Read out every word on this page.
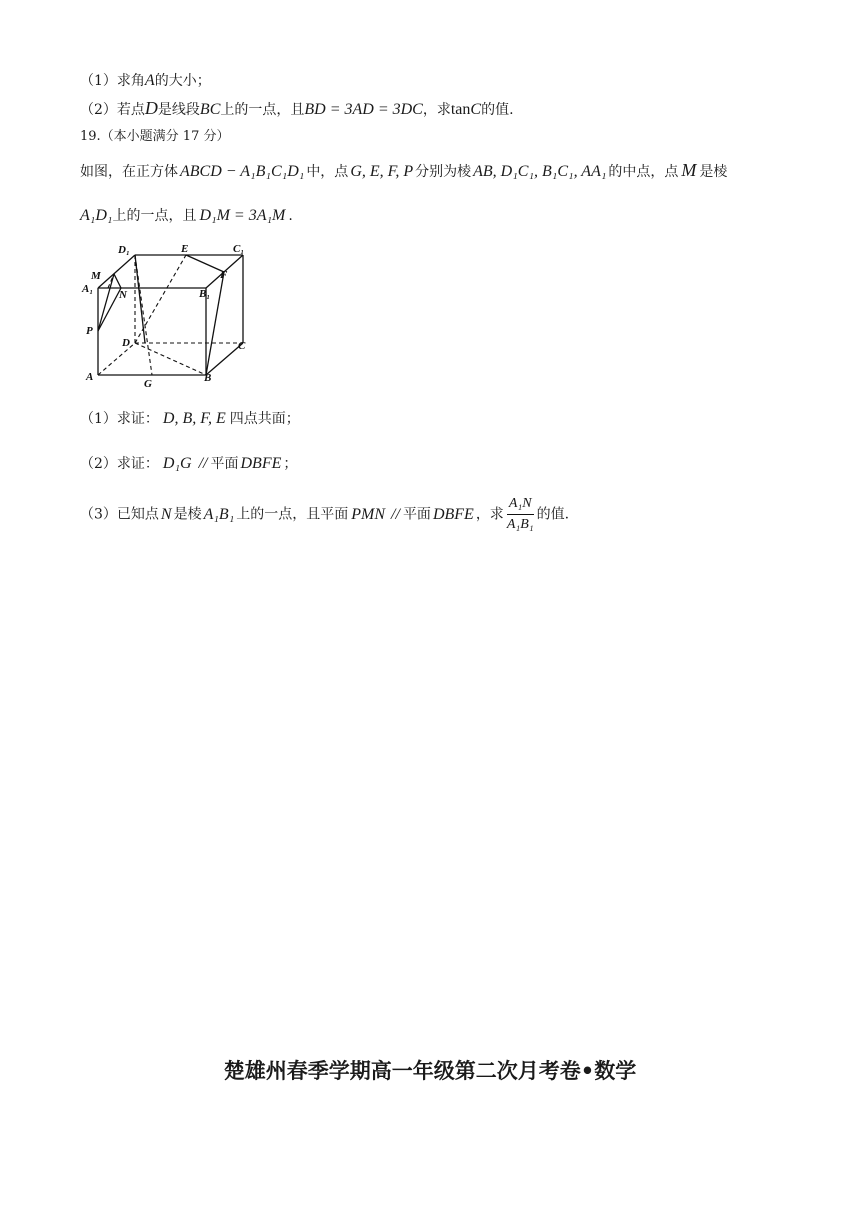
（1）求角A的大小；
（2）若点D是线段BC上的一点，且BD = 3AD = 3DC，求tanC的值.
19.（本小题满分 17 分）
如图，在正方体 ABCD − A₁B₁C₁D₁ 中，点 G, E, F, P 分别为棱 AB, D₁C₁, B₁C₁, AA₁ 的中点，点 M 是棱
A₁D₁上的一点，且 D₁M = 3A₁M .
D₁	E	C₁
M	F
A₁ N	B₁
P
D	C
A
G	B
（1）求证： D, B, F, E 四点共面；
（2）求证： D₁G // 平面 DBFE ；
（3）已知点 N 是棱 A₁B₁ 上的一点，且平面 PMN // 平面 DBFE ，求 $\frac{\text{A₁N}}{\text{A₁B₁}}$ 的值.
楚雄州春季学期高一年级第二次月考卷•数学
